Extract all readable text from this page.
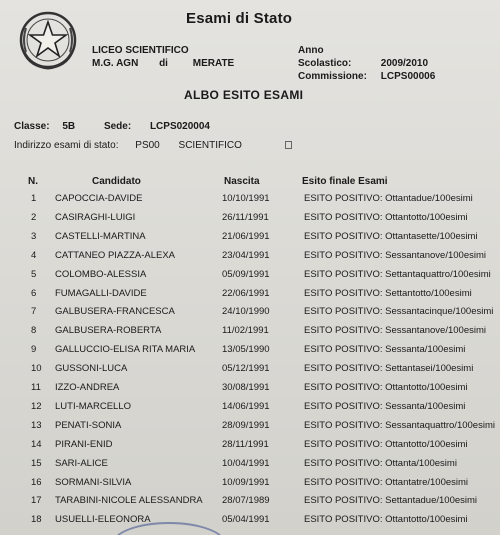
Esami di Stato
LICEO SCIENTIFICO
M.G. AGN di MERATE
Anno Scolastico:	2009/2010
Commissione: LCPS00006
ALBO ESITO ESAMI
Classe: 5B	Sede: LCPS020004
Indirizzo esami di stato: PS00 SCIENTIFICO
N.	Candidato	Nascita	Esito finale Esami
1 CAPOCCIA-DAVIDE	10/10/1991	ESITO POSITIVO: Ottantadue/100esimi
2 CASIRAGHI-LUIGI	26/11/1991	ESITO POSITIVO: Ottantotto/100esimi
3 CASTELLI-MARTINA	21/06/1991	ESITO POSITIVO: Ottantasette/100esimi
4 CATTANEO PIAZZA-ALEXA	23/04/1991	ESITO POSITIVO: Sessantanove/100esimi
5 COLOMBO-ALESSIA	05/09/1991	ESITO POSITIVO: Settantaquattro/100esimi
6 FUMAGALLI-DAVIDE	22/06/1991	ESITO POSITIVO: Settantotto/100esimi
7 GALBUSERA-FRANCESCA	24/10/1990	ESITO POSITIVO: Sessantacinque/100esimi
8 GALBUSERA-ROBERTA	11/02/1991	ESITO POSITIVO: Sessantanove/100esimi
9 GALLUCCIO-ELISA RITA MARIA	13/05/1990	ESITO POSITIVO: Sessanta/100esimi
10 GUSSONI-LUCA	05/12/1991	ESITO POSITIVO: Settantasei/100esimi
11 IZZO-ANDREA	30/08/1991	ESITO POSITIVO: Ottantotto/100esimi
12 LUTI-MARCELLO	14/06/1991	ESITO POSITIVO: Sessanta/100esimi
13 PENATI-SONIA	28/09/1991	ESITO POSITIVO: Sessantaquattro/100esimi
14 PIRANI-ENID	28/11/1991	ESITO POSITIVO: Ottantotto/100esimi
15 SARI-ALICE	10/04/1991	ESITO POSITIVO: Ottanta/100esimi
16 SORMANI-SILVIA	10/09/1991	ESITO POSITIVO: Ottantatre/100esimi
17 TARABINI-NICOLE ALESSANDRA 28/07/1989	ESITO POSITIVO: Settantadue/100esimi
18 USUELLI-ELEONORA	05/04/1991	ESITO POSITIVO: Ottantotto/100esimi
